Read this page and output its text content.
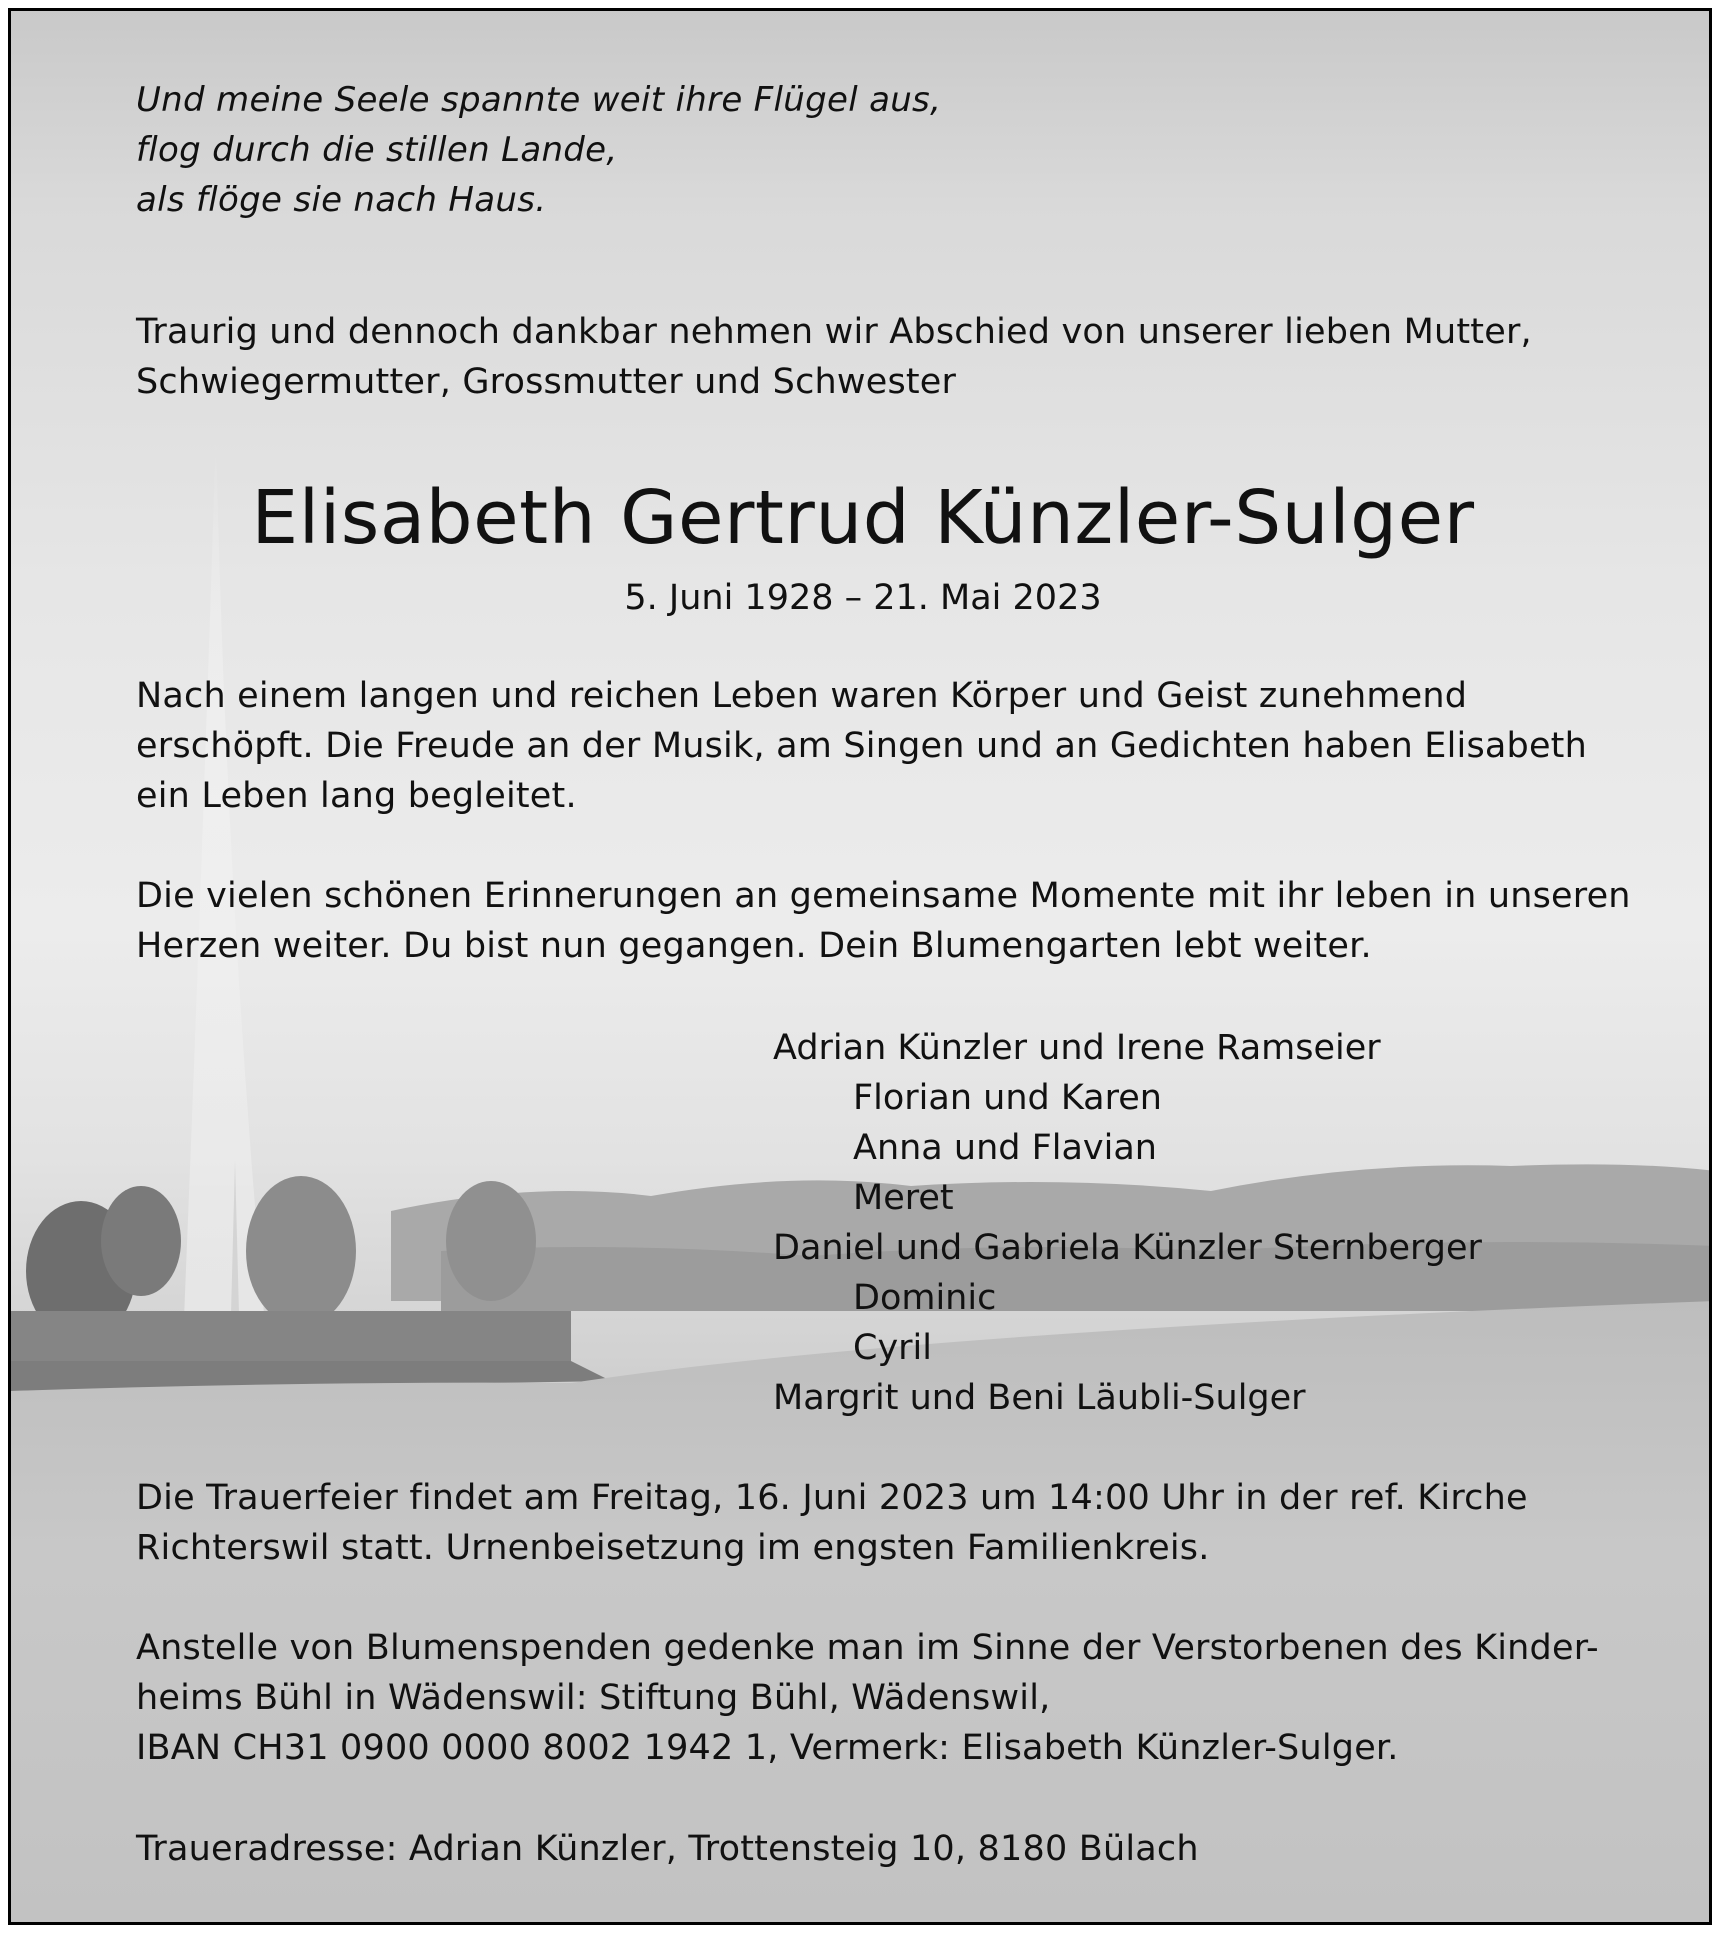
Und meine Seele spannte weit ihre Flügel aus,
flog durch die stillen Lande,
als flöge sie nach Haus.
Traurig und dennoch dankbar nehmen wir Abschied von unserer lieben Mutter,
Schwiegermutter, Grossmutter und Schwester
Elisabeth Gertrud Künzler-Sulger
5. Juni 1928 – 21. Mai 2023
Nach einem langen und reichen Leben waren Körper und Geist zunehmend
erschöpft. Die Freude an der Musik, am Singen und an Gedichten haben Elisabeth
ein Leben lang begleitet.
Die vielen schönen Erinnerungen an gemeinsame Momente mit ihr leben in unseren
Herzen weiter. Du bist nun gegangen. Dein Blumengarten lebt weiter.
Adrian Künzler und Irene Ramseier
Florian und Karen
Anna und Flavian
Meret
Daniel und Gabriela Künzler Sternberger
Dominic
Cyril
Margrit und Beni Läubli-Sulger
Die Trauerfeier findet am Freitag, 16. Juni 2023 um 14:00 Uhr in der ref. Kirche
Richterswil statt. Urnenbeisetzung im engsten Familienkreis.
Anstelle von Blumenspenden gedenke man im Sinne der Verstorbenen des Kinder-
heims Bühl in Wädenswil: Stiftung Bühl, Wädenswil,
IBAN CH31 0900 0000 8002 1942 1, Vermerk: Elisabeth Künzler-Sulger.
Traueradresse: Adrian Künzler, Trottensteig 10, 8180 Bülach
